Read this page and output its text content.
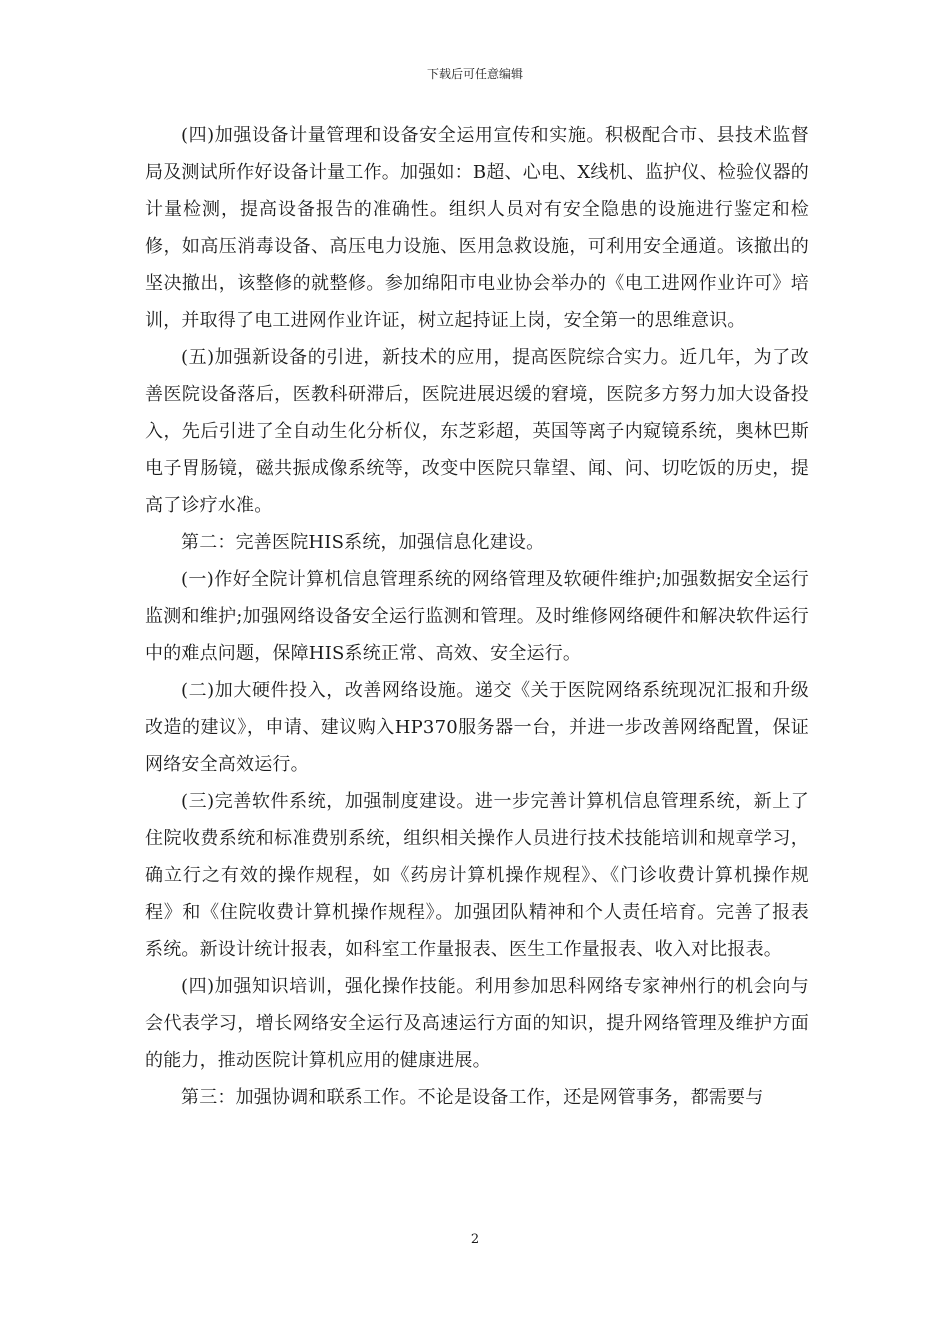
下载后可任意编辑

(四)加强设备计量管理和设备安全运用宣传和实施。积极配合市、县技术监督局及测试所作好设备计量工作。加强如：B超、心电、X线机、监护仪、检验仪器的计量检测，提高设备报告的准确性。组织人员对有安全隐患的设施进行鉴定和检修，如高压消毒设备、高压电力设施、医用急救设施，可利用安全通道。该撤出的坚决撤出，该整修的就整修。参加绵阳市电业协会举办的《电工进网作业许可》培训，并取得了电工进网作业许证，树立起持证上岗，安全第一的思维意识。

(五)加强新设备的引进，新技术的应用，提高医院综合实力。近几年，为了改善医院设备落后，医教科研滞后，医院进展迟缓的窘境，医院多方努力加大设备投入，先后引进了全自动生化分析仪，东芝彩超，英国等离子内窥镜系统，奥林巴斯电子胃肠镜，磁共振成像系统等，改变中医院只靠望、闻、问、切吃饭的历史，提高了诊疗水准。

第二：完善医院HIS系统，加强信息化建设。

(一)作好全院计算机信息管理系统的网络管理及软硬件维护;加强数据安全运行监测和维护;加强网络设备安全运行监测和管理。及时维修网络硬件和解决软件运行中的难点问题，保障HIS系统正常、高效、安全运行。

(二)加大硬件投入，改善网络设施。递交《关于医院网络系统现况汇报和升级改造的建议》，申请、建议购入HP370服务器一台，并进一步改善网络配置，保证网络安全高效运行。

(三)完善软件系统，加强制度建设。进一步完善计算机信息管理系统，新上了住院收费系统和标准费别系统，组织相关操作人员进行技术技能培训和规章学习，确立行之有效的操作规程，如《药房计算机操作规程》、《门诊收费计算机操作规程》和《住院收费计算机操作规程》。加强团队精神和个人责任培育。完善了报表系统。新设计统计报表，如科室工作量报表、医生工作量报表、收入对比报表。

(四)加强知识培训，强化操作技能。利用参加思科网络专家神州行的机会向与会代表学习，增长网络安全运行及高速运行方面的知识，提升网络管理及维护方面的能力，推动医院计算机应用的健康进展。

第三：加强协调和联系工作。不论是设备工作，还是网管事务，都需要与

2
